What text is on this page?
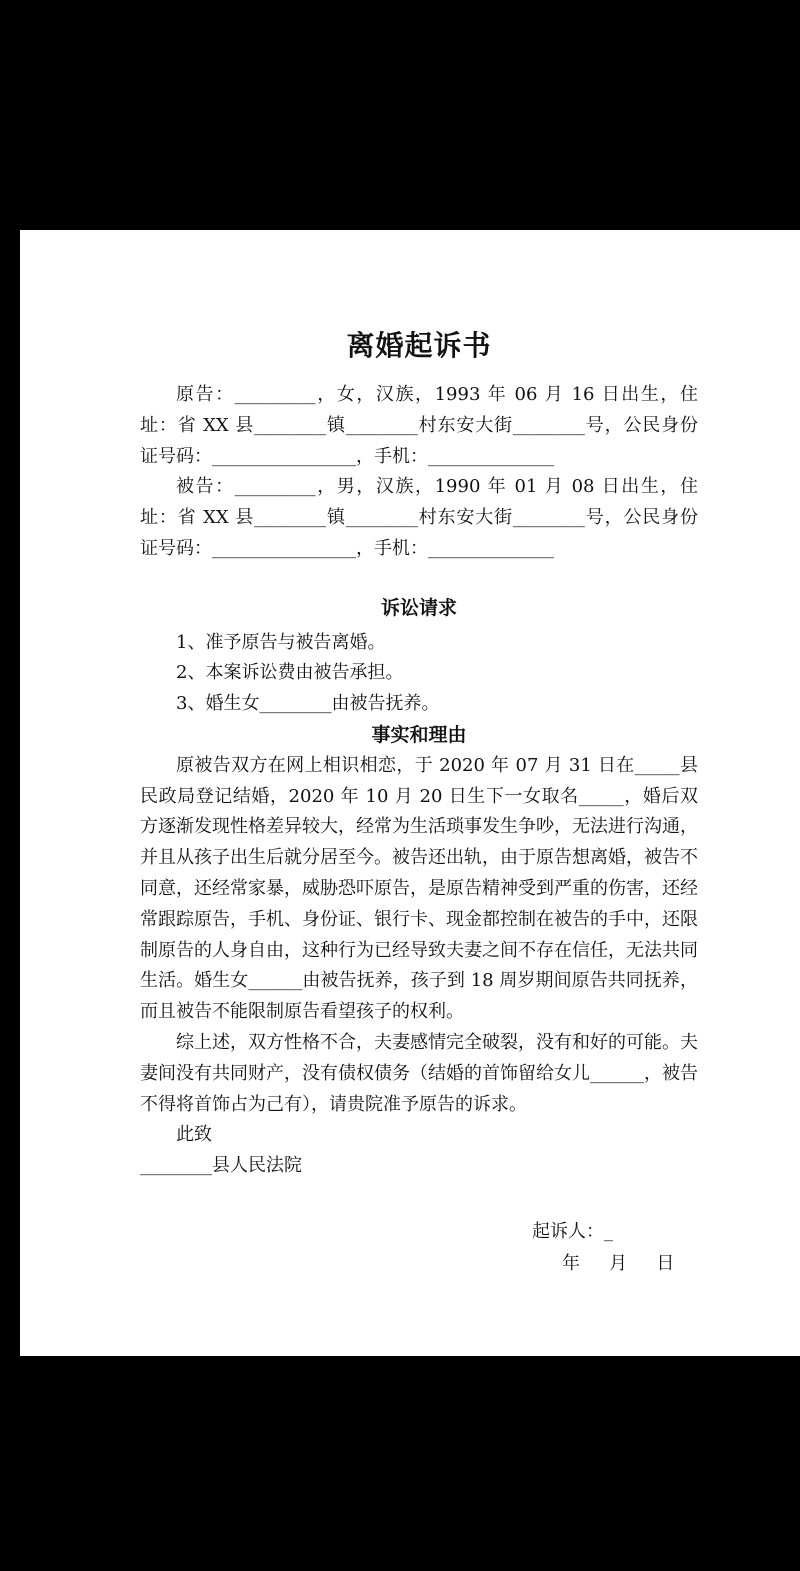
离婚起诉书

原告：_________，女，汉族，1993 年 06 月 16 日出生，住址：省 XX 县________镇________村东安大街________号，公民身份证号码：________________，手机：______________

被告：_________，男，汉族，1990 年 01 月 08 日出生，住址：省 XX 县________镇________村东安大街________号，公民身份证号码：________________，手机：______________

诉讼请求

1、准予原告与被告离婚。

2、本案诉讼费由被告承担。

3、婚生女________由被告抚养。

事实和理由

原被告双方在网上相识相恋，于 2020 年 07 月 31 日在_____县民政局登记结婚，2020 年 10 月 20 日生下一女取名_____，婚后双方逐渐发现性格差异较大，经常为生活琐事发生争吵，无法进行沟通，并且从孩子出生后就分居至今。被告还出轨，由于原告想离婚，被告不同意，还经常家暴，威胁恐吓原告，是原告精神受到严重的伤害，还经常跟踪原告，手机、身份证、银行卡、现金都控制在被告的手中，还限制原告的人身自由，这种行为已经导致夫妻之间不存在信任，无法共同生活。婚生女______由被告抚养，孩子到 18 周岁期间原告共同抚养，而且被告不能限制原告看望孩子的权利。

综上述，双方性格不合，夫妻感情完全破裂，没有和好的可能。夫妻间没有共同财产，没有债权债务（结婚的首饰留给女儿______，被告不得将首饰占为己有），请贵院准予原告的诉求。

此致

________县人民法院

起诉人：_
年   月   日
